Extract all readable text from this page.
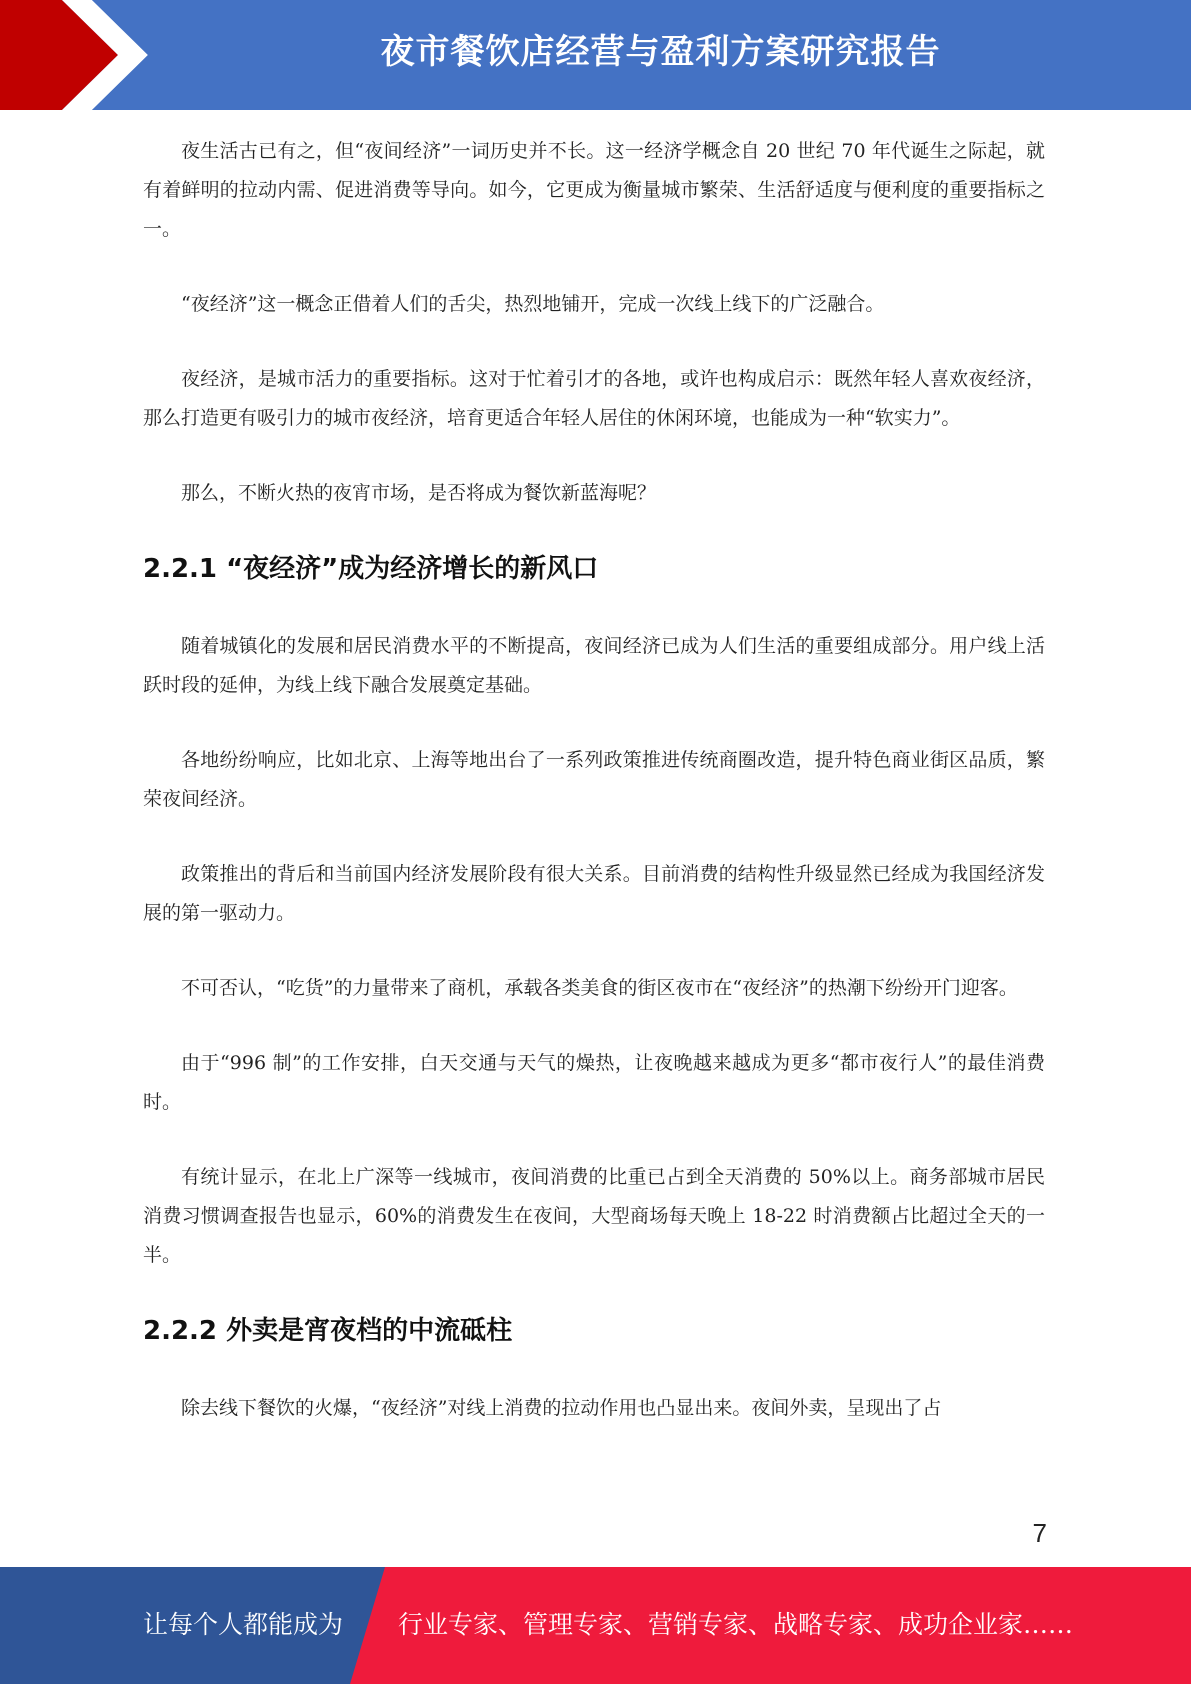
夜市餐饮店经营与盈利方案研究报告

夜生活古已有之，但“夜间经济”一词历史并不长。这一经济学概念自 20 世纪 70 年代诞生之际起，就有着鲜明的拉动内需、促进消费等导向。如今，它更成为衡量城市繁荣、生活舒适度与便利度的重要指标之一。

“夜经济”这一概念正借着人们的舌尖，热烈地铺开，完成一次线上线下的广泛融合。

夜经济，是城市活力的重要指标。这对于忙着引才的各地，或许也构成启示：既然年轻人喜欢夜经济，那么打造更有吸引力的城市夜经济，培育更适合年轻人居住的休闲环境，也能成为一种“软实力”。

那么，不断火热的夜宵市场，是否将成为餐饮新蓝海呢？

2.2.1 “夜经济”成为经济增长的新风口

随着城镇化的发展和居民消费水平的不断提高，夜间经济已成为人们生活的重要组成部分。用户线上活跃时段的延伸，为线上线下融合发展奠定基础。

各地纷纷响应，比如北京、上海等地出台了一系列政策推进传统商圈改造，提升特色商业街区品质，繁荣夜间经济。

政策推出的背后和当前国内经济发展阶段有很大关系。目前消费的结构性升级显然已经成为我国经济发展的第一驱动力。

不可否认，“吃货”的力量带来了商机，承载各类美食的街区夜市在“夜经济”的热潮下纷纷开门迎客。

由于“996 制”的工作安排，白天交通与天气的燥热，让夜晚越来越成为更多“都市夜行人”的最佳消费时。

有统计显示，在北上广深等一线城市，夜间消费的比重已占到全天消费的 50%以上。商务部城市居民消费习惯调查报告也显示，60%的消费发生在夜间，大型商场每天晚上 18-22 时消费额占比超过全天的一半。

2.2.2 外卖是宵夜档的中流砥柱

除去线下餐饮的火爆，“夜经济”对线上消费的拉动作用也凸显出来。夜间外卖，呈现出了占

7
让每个人都能成为 行业专家、管理专家、营销专家、战略专家、成功企业家……
